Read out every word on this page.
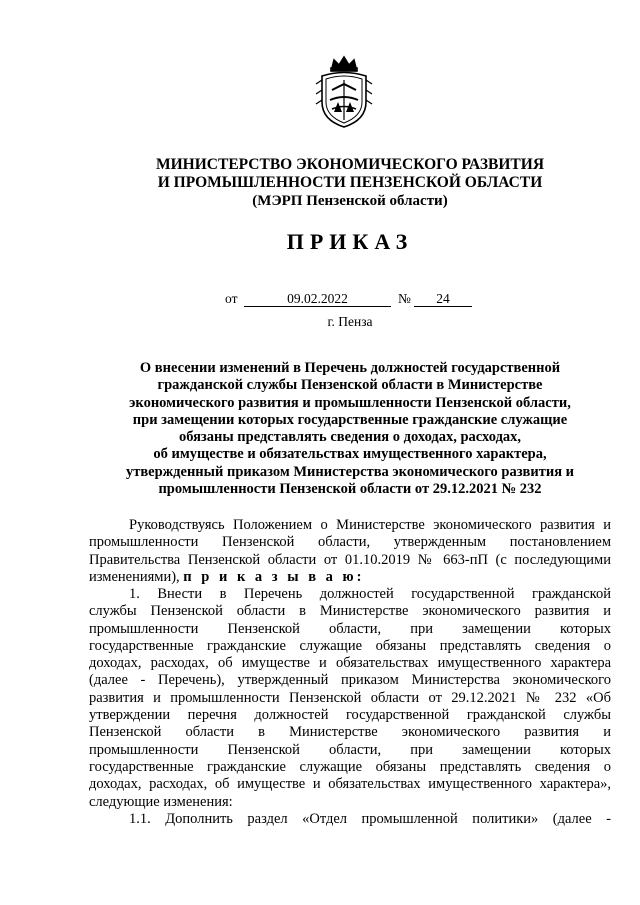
МИНИСТЕРСТВО ЭКОНОМИЧЕСКОГО РАЗВИТИЯ
И ПРОМЫШЛЕННОСТИ ПЕНЗЕНСКОЙ ОБЛАСТИ
(МЭРП Пензенской области)
ПРИКАЗ
от	09.02.2022	№	24
г. Пенза
О внесении изменений в Перечень должностей государственной
гражданской службы Пензенской области в Министерстве
экономического развития и промышленности Пензенской области,
при замещении которых государственные гражданские служащие
обязаны представлять сведения о доходах, расходах,
об имуществе и обязательствах имущественного характера,
утвержденный приказом Министерства экономического развития и
промышленности Пензенской области от 29.12.2021 № 232
Руководствуясь Положением о Министерстве экономического развития и
промышленности Пензенской области, утвержденным постановлением
Правительства Пензенской области от 01.10.2019 № 663-пП (с последующими
изменениями), п р и к а з ы в а ю:
1. Внести в Перечень должностей государственной гражданской
службы Пензенской области в Министерстве экономического развития и
промышленности Пензенской области, при замещении которых
государственные гражданские служащие обязаны представлять сведения о
доходах, расходах, об имуществе и обязательствах имущественного характера
(далее - Перечень), утвержденный приказом Министерства экономического
развития и промышленности Пензенской области от 29.12.2021 № 232 «Об
утверждении перечня должностей государственной гражданской службы
Пензенской области в Министерстве экономического развития и
промышленности Пензенской области, при замещении которых
государственные гражданские служащие обязаны представлять сведения о
доходах, расходах, об имуществе и обязательствах имущественного характера»,
следующие изменения:
1.1. Дополнить раздел «Отдел промышленной политики» (далее -
